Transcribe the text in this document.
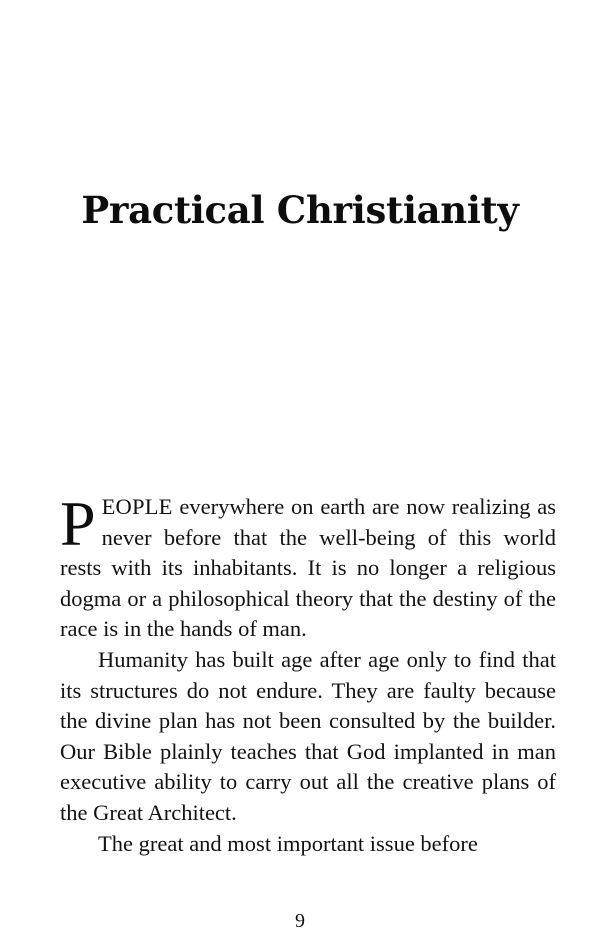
Practical Christianity

PEOPLE everywhere on earth are now realizing as never before that the well-being of this world rests with its inhabitants. It is no longer a religious dogma or a philosophical theory that the destiny of the race is in the hands of man.

Humanity has built age after age only to find that its structures do not endure. They are faulty because the divine plan has not been consulted by the builder. Our Bible plainly teaches that God implanted in man executive ability to carry out all the creative plans of the Great Architect.

The great and most important issue before

9
